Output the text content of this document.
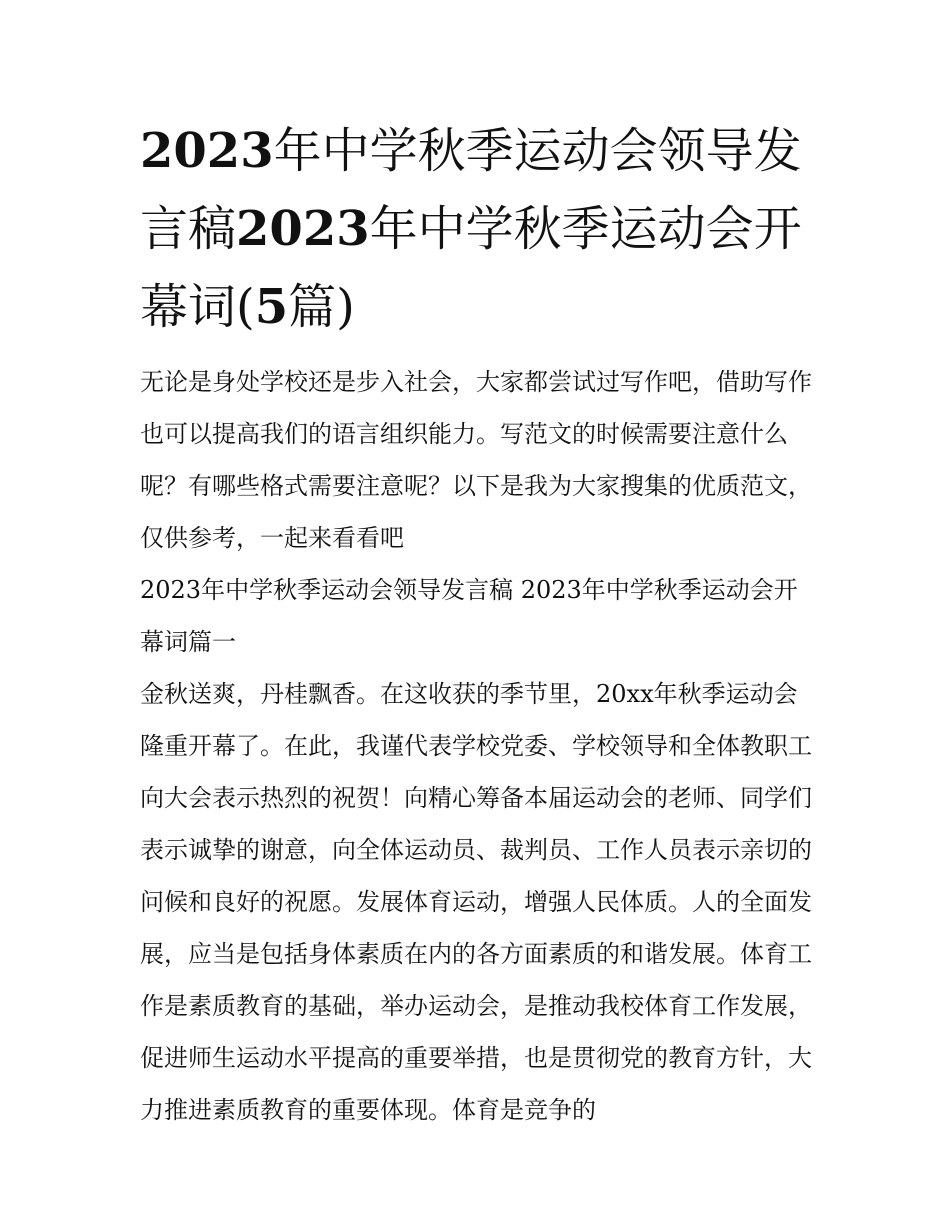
2023年中学秋季运动会领导发言稿2023年中学秋季运动会开幕词(5篇)

无论是身处学校还是步入社会，大家都尝试过写作吧，借助写作也可以提高我们的语言组织能力。写范文的时候需要注意什么呢？有哪些格式需要注意呢？以下是我为大家搜集的优质范文，仅供参考，一起来看看吧

2023年中学秋季运动会领导发言稿 2023年中学秋季运动会开幕词篇一

金秋送爽，丹桂飘香。在这收获的季节里，20xx年秋季运动会隆重开幕了。在此，我谨代表学校党委、学校领导和全体教职工向大会表示热烈的祝贺！向精心筹备本届运动会的老师、同学们表示诚挚的谢意，向全体运动员、裁判员、工作人员表示亲切的问候和良好的祝愿。发展体育运动，增强人民体质。人的全面发展，应当是包括身体素质在内的各方面素质的和谐发展。体育工作是素质教育的基础，举办运动会，是推动我校体育工作发展，促进师生运动水平提高的重要举措，也是贯彻党的教育方针，大力推进素质教育的重要体现。体育是竞争的
